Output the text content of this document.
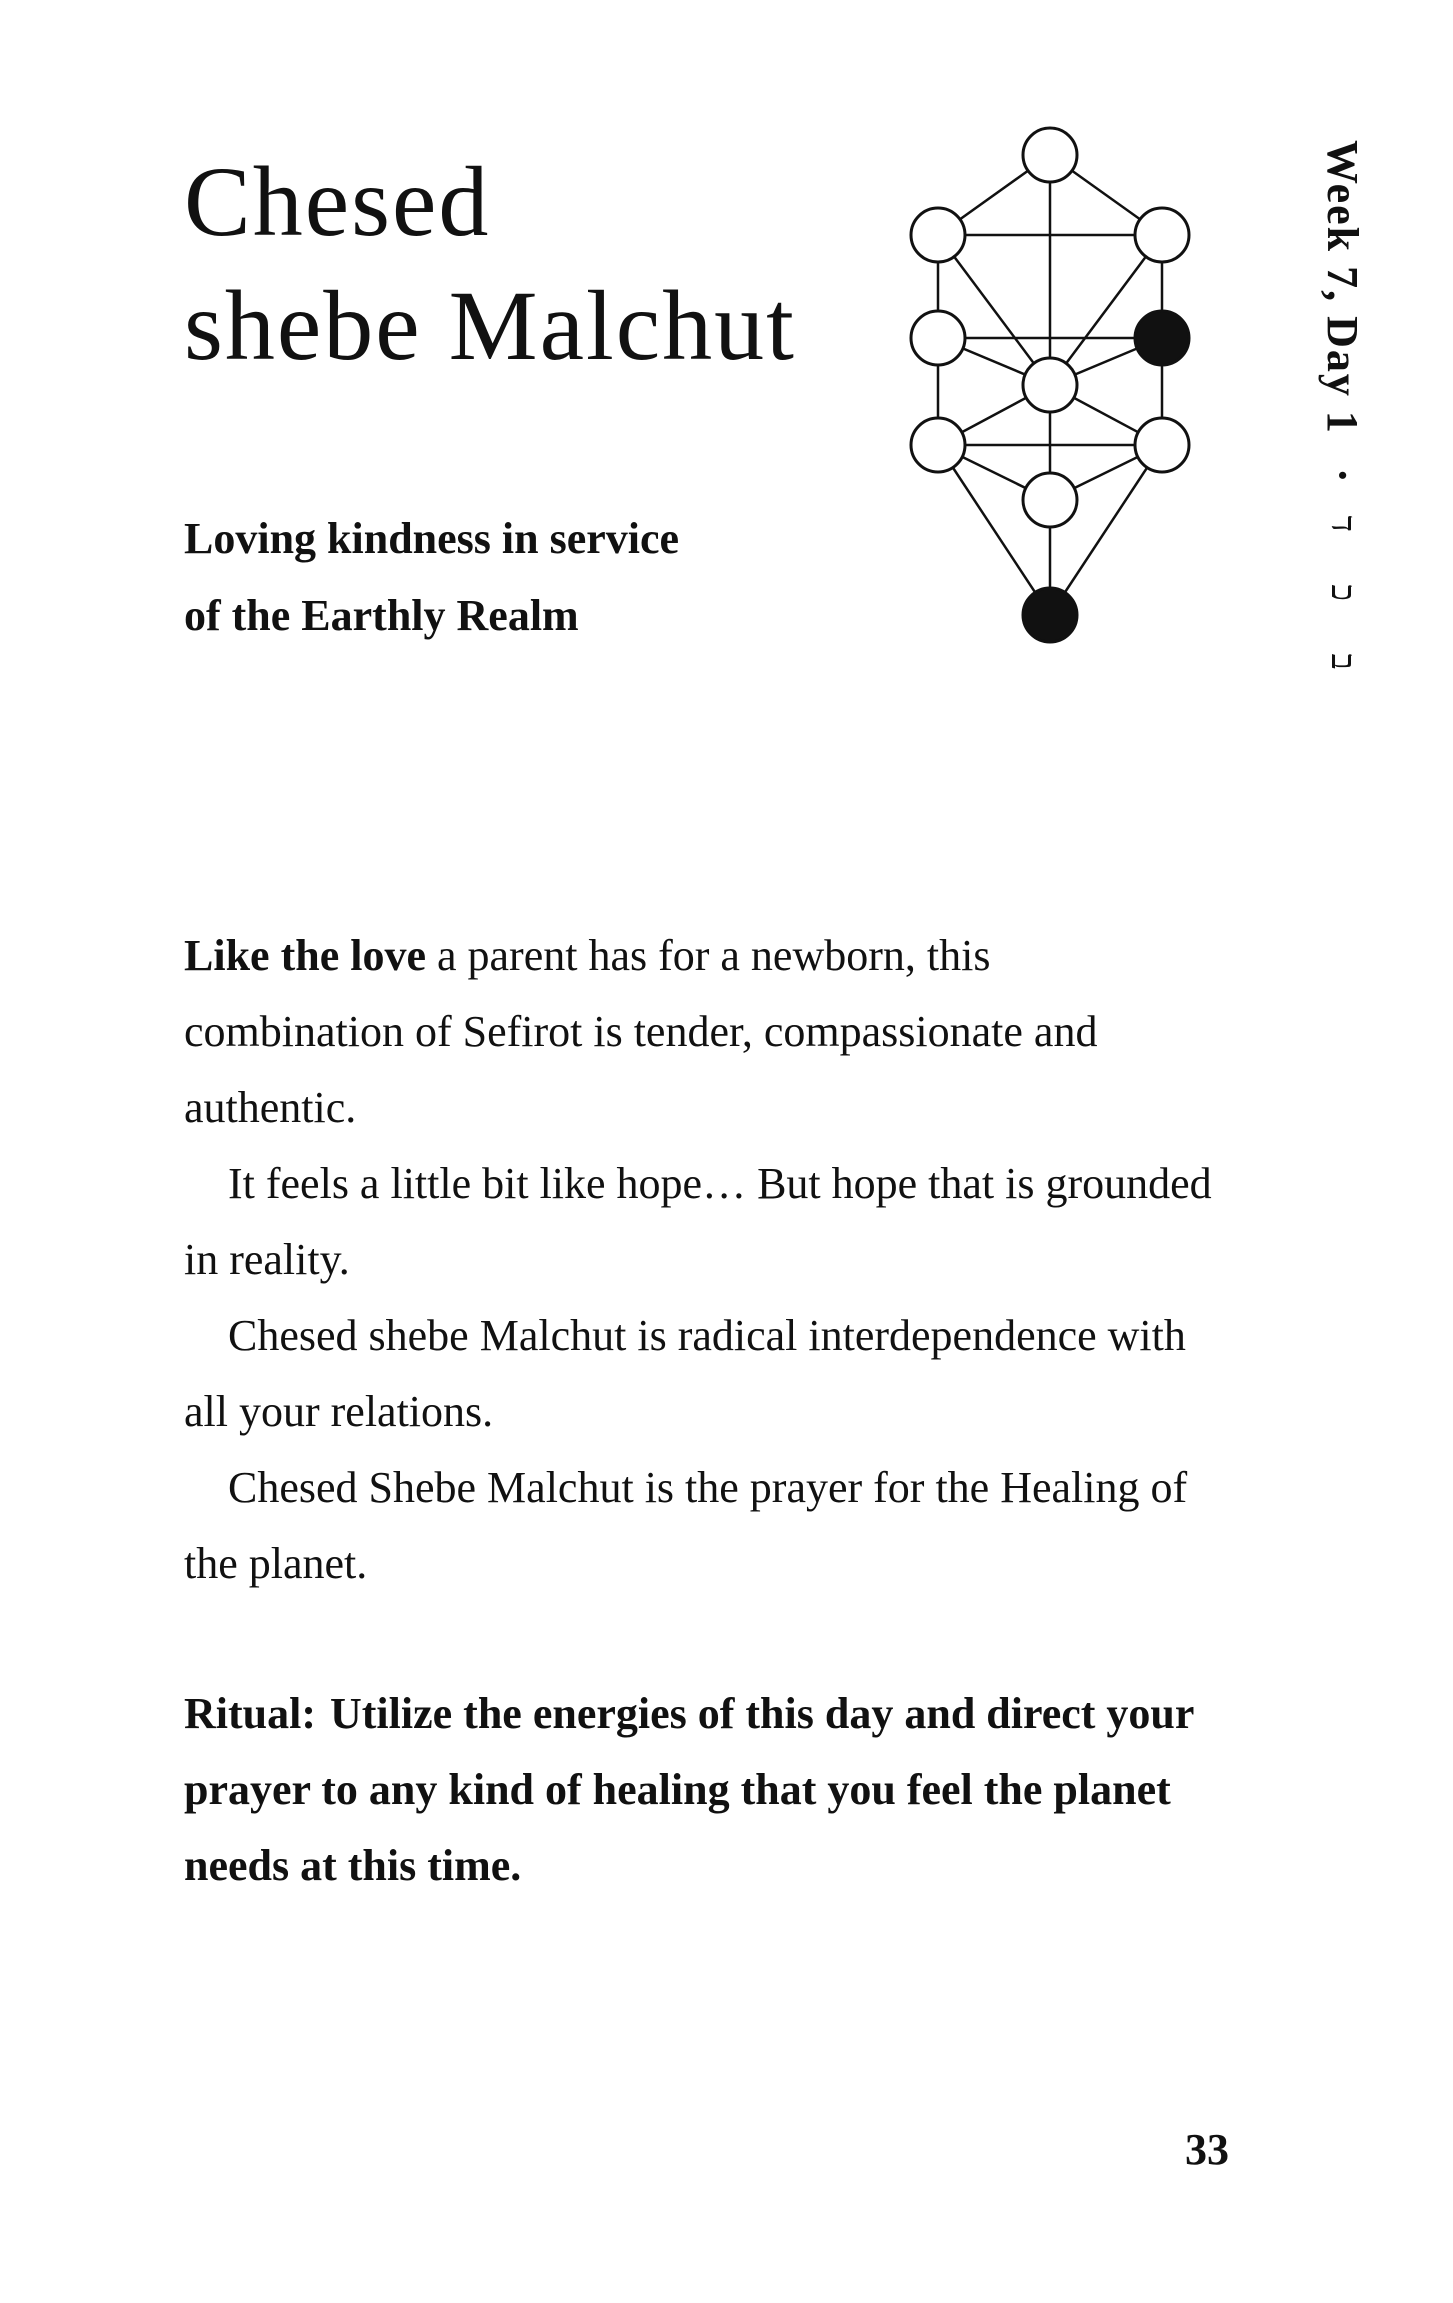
Chesed
shebe Malchut
Loving kindness in service
of the Earthly Realm
Week 7, Day 1 · ב כ ד

Like the love a parent has for a newborn, this combination of Sefirot is tender, compassionate and authentic.

It feels a little bit like hope… But hope that is grounded in reality.

Chesed shebe Malchut is radical interdependence with all your relations.

Chesed Shebe Malchut is the prayer for the Healing of the planet.

Ritual: Utilize the energies of this day and direct your prayer to any kind of healing that you feel the planet needs at this time.

33
